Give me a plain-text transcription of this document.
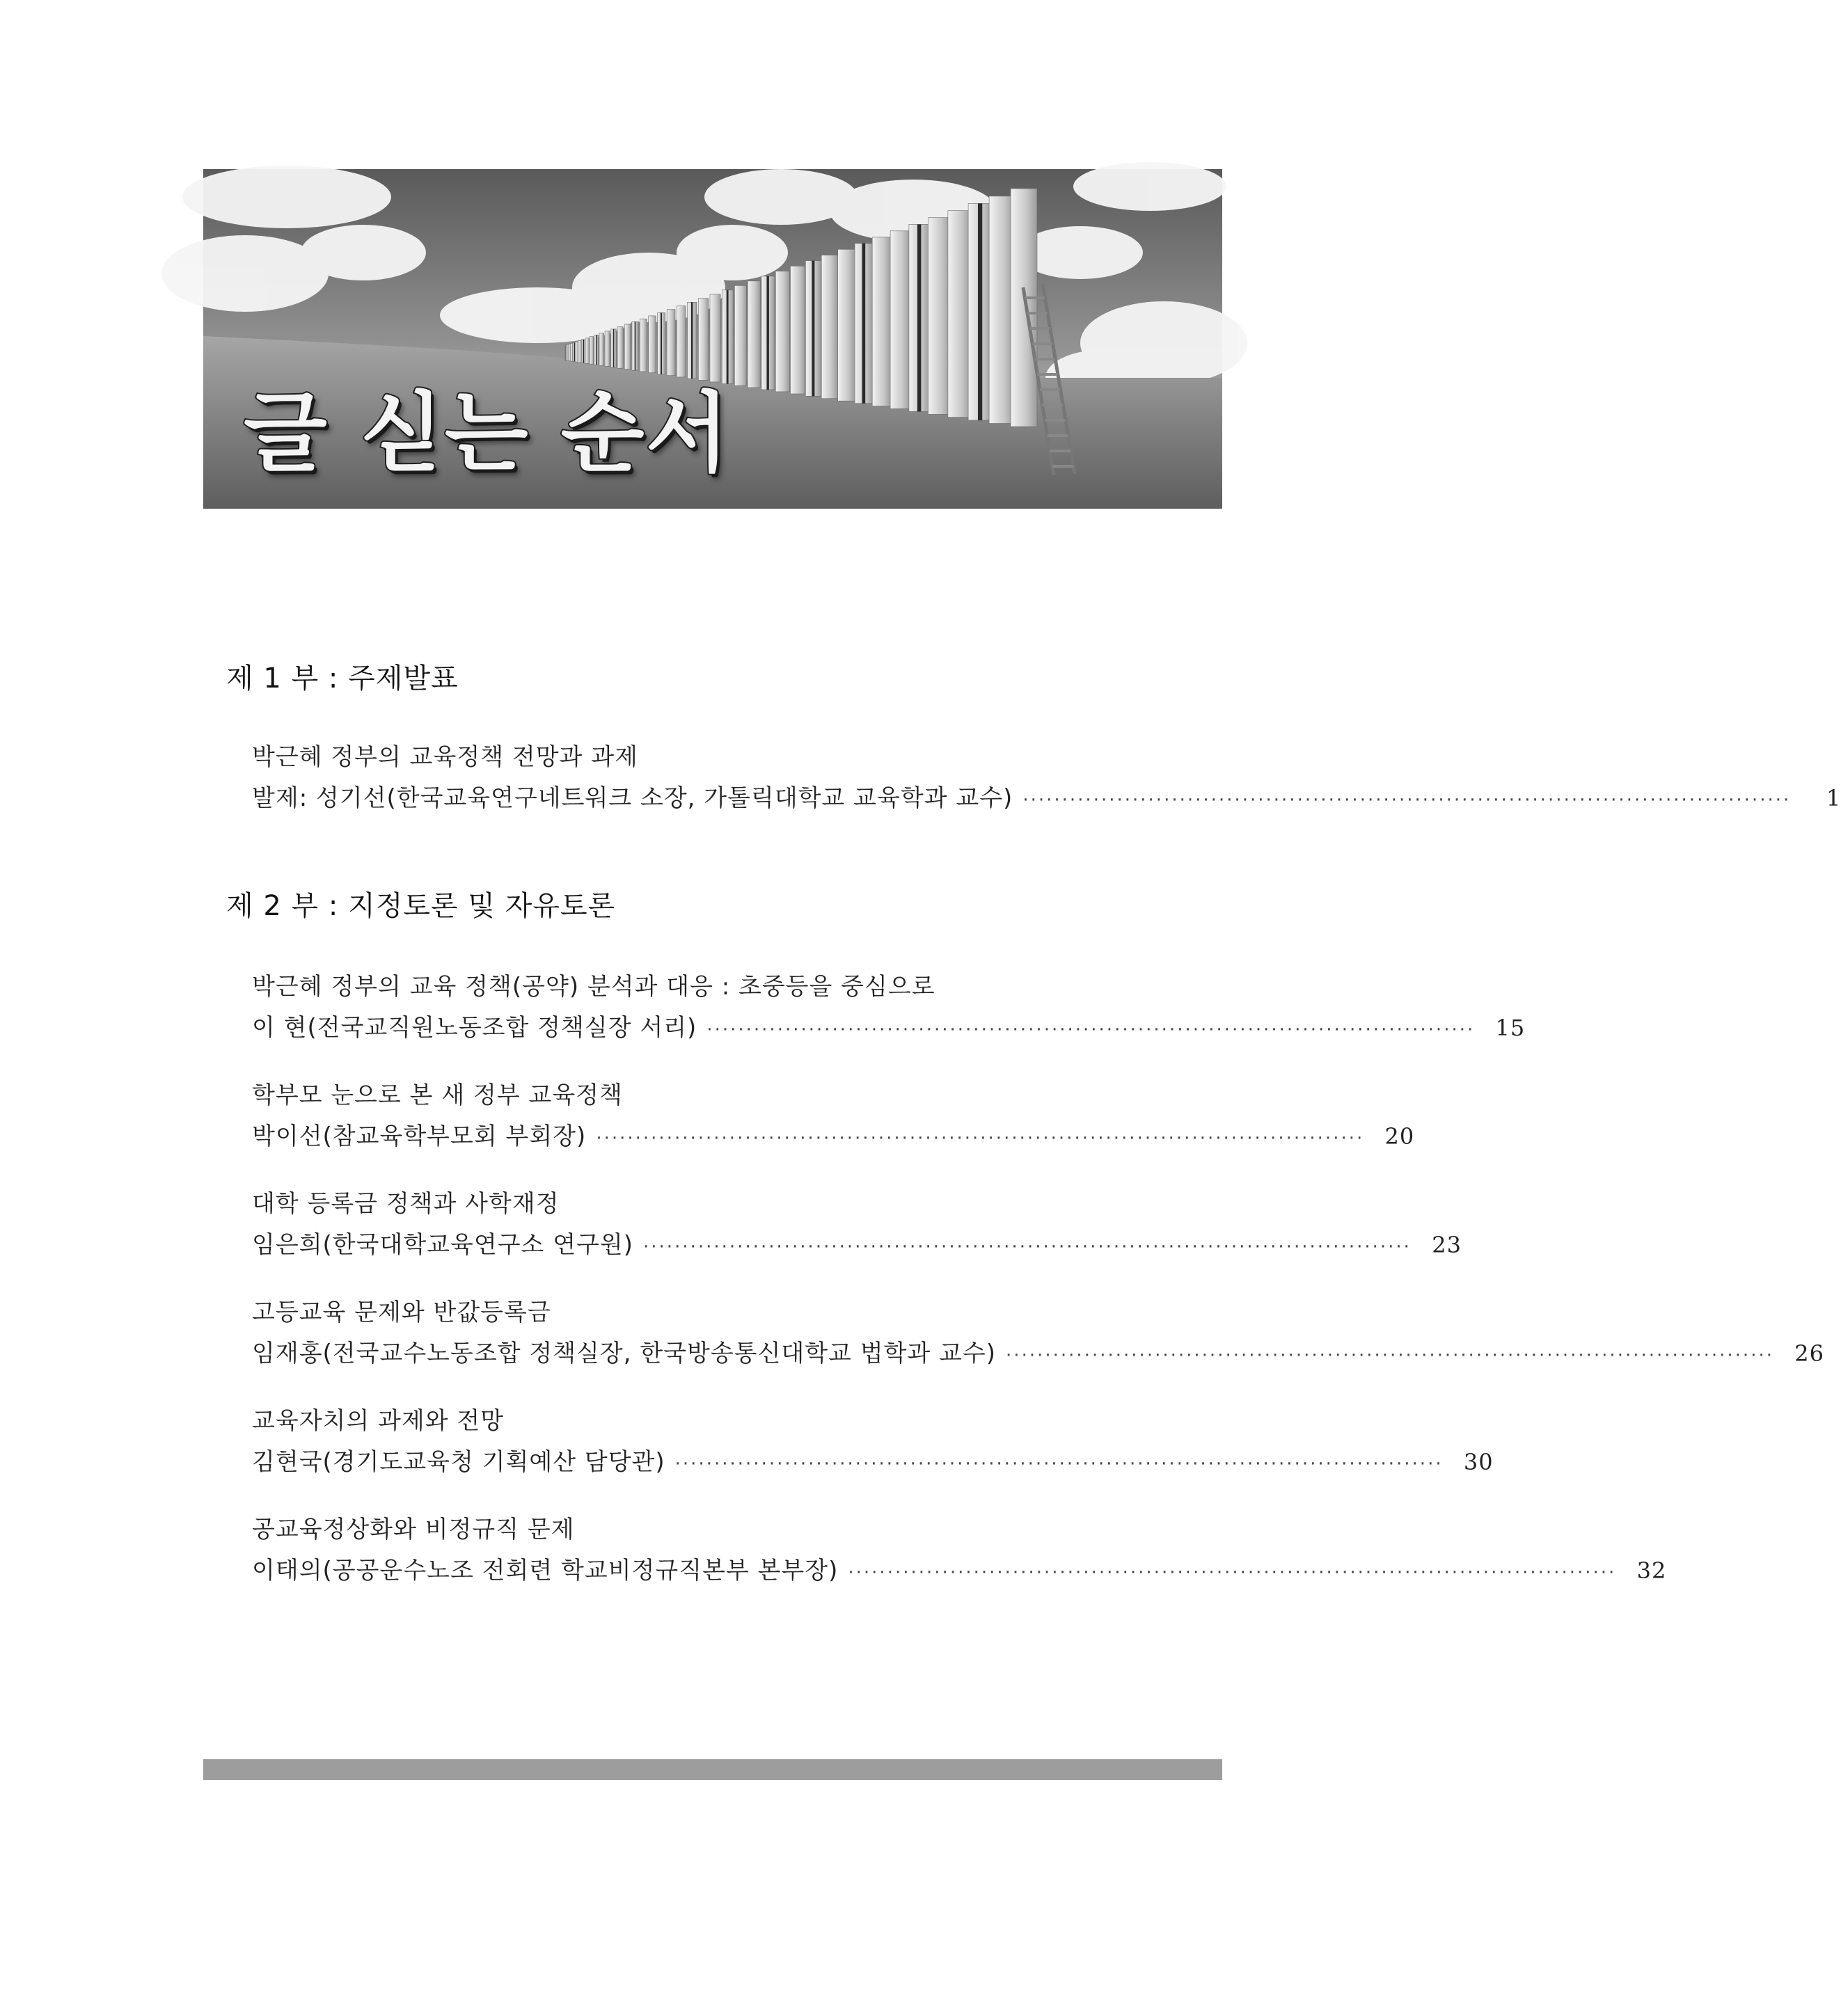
글 싣는 순서
제 1 부 : 주제발표
박근혜 정부의 교육정책 전망과 과제
발제: 성기선(한국교육연구네트워크 소장, 가톨릭대학교 교육학과 교수) ··································································································	1
제 2 부 : 지정토론 및 자유토론
박근혜 정부의 교육 정책(공약) 분석과 대응 : 초중등을 중심으로
이 현(전국교직원노동조합 정책실장 서리) ·································································································· 15
학부모 눈으로 본 새 정부 교육정책
박이선(참교육학부모회 부회장) ·································································································· 20
대학 등록금 정책과 사학재정
임은희(한국대학교육연구소 연구원) ·································································································· 23
고등교육 문제와 반값등록금
임재홍(전국교수노동조합 정책실장, 한국방송통신대학교 법학과 교수) ·································································································· 26
교육자치의 과제와 전망
김현국(경기도교육청 기획예산 담당관) ·································································································· 30
공교육정상화와 비정규직 문제
이태의(공공운수노조 전회련 학교비정규직본부 본부장) ·································································································· 32
